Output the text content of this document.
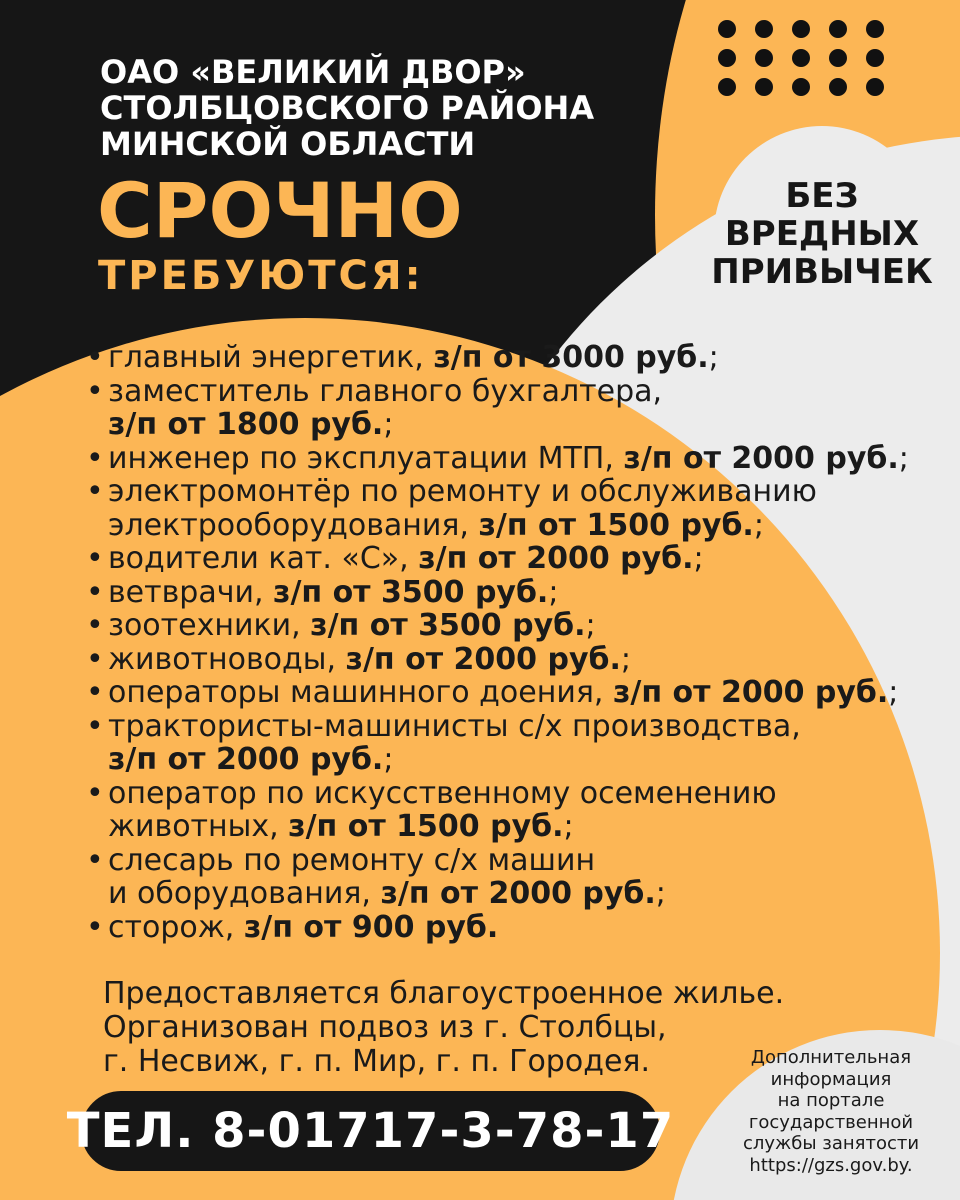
БЕЗ
ВРЕДНЫХ
ПРИВЫЧЕК
ОАО «ВЕЛИКИЙ ДВОР»
СТОЛБЦОВСКОГО РАЙОНА
МИНСКОЙ ОБЛАСТИ
СРОЧНО
ТРЕБУЮТСЯ:
• главный энергетик, з/п от 3000 руб.;
• заместитель главного бухгалтера,
з/п от 1800 руб.;
• инженер по эксплуатации МТП, з/п от 2000 руб.;
• электромонтёр по ремонту и обслуживанию
электрооборудования, з/п от 1500 руб.;
• водители кат. «С», з/п от 2000 руб.;
• ветврачи, з/п от 3500 руб.;
• зоотехники, з/п от 3500 руб.;
• животноводы, з/п от 2000 руб.;
• операторы машинного доения, з/п от 2000 руб.;
• трактористы-машинисты с/х производства,
з/п от 2000 руб.;
• оператор по искусственному осеменению
животных, з/п от 1500 руб.;
• слесарь по ремонту с/х машин
и оборудования, з/п от 2000 руб.;
• сторож, з/п от 900 руб.
Предоставляется благоустроенное жилье.
Организован подвоз из г. Столбцы,
г. Несвиж, г. п. Мир, г. п. Городея.
ТЕЛ. 8-01717-3-78-17
Дополнительная
информация
на портале
государственной
службы занятости
https://gzs.gov.by.
